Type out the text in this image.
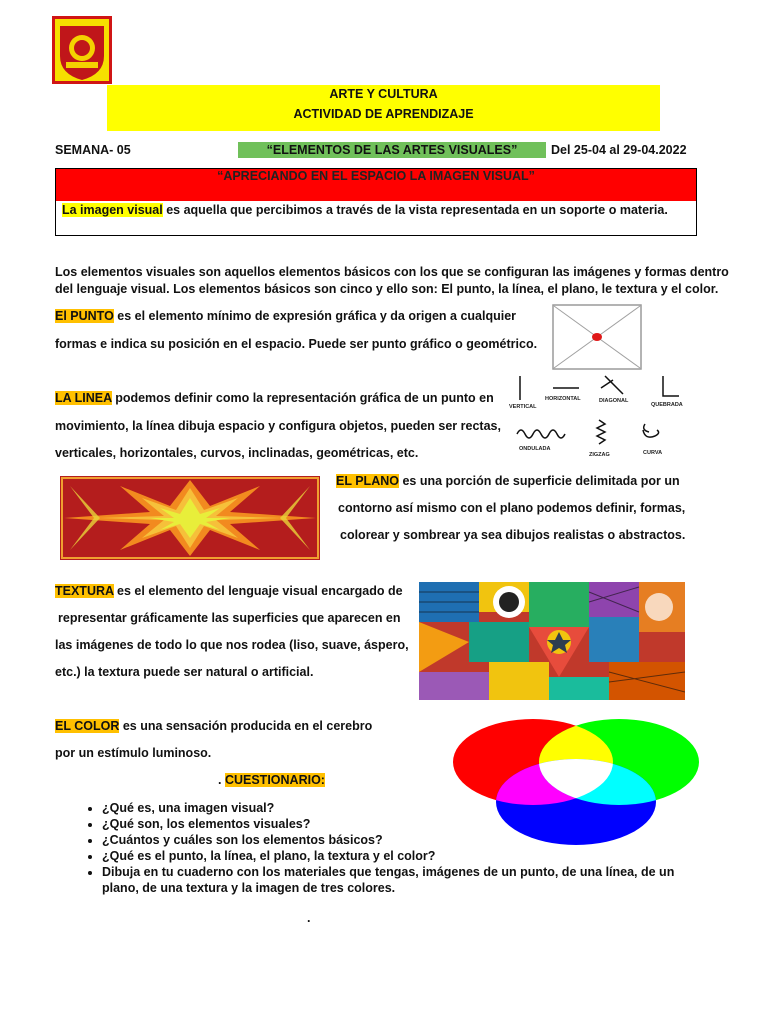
ARTE Y CULTURA
ACTIVIDAD DE APRENDIZAJE
SEMANA- 05	“ELEMENTOS DE LAS ARTES VISUALES”	Del 25-04 al 29-04.2022
“APRECIANDO EN EL ESPACIO LA IMAGEN VISUAL”
La imagen visual es aquella que percibimos a través de la vista representada en un soporte o materia.
Los elementos visuales son aquellos elementos básicos con los que se configuran las imágenes y formas dentro
del lenguaje visual. Los elementos básicos son cinco y ello son: El punto, la línea, el plano, le textura y el color.
El PUNTO es el elemento mínimo de expresión gráfica y da origen a cualquier
formas e indica su posición en el espacio. Puede ser punto gráfico o geométrico.
LA LINEA podemos definir como la representación gráfica de un punto en
movimiento, la línea dibuja espacio y configura objetos, pueden ser rectas,
verticales, horizontales, curvos, inclinadas, geométricas, etc.
VERTICAL
HORIZONTAL	DIAGONAL
QUEBRADA
ONDULADA
ZIGZAG	CURVA
EL PLANO es una porción de superficie delimitada por un
contorno así mismo con el plano podemos definir, formas,
colorear y sombrear ya sea dibujos realistas o abstractos.
TEXTURA es el elemento del lenguaje visual encargado de
representar gráficamente las superficies que aparecen en
las imágenes de todo lo que nos rodea (liso, suave, áspero,
etc.) la textura puede ser natural o artificial.
EL COLOR es una sensación producida en el cerebro
por un estímulo luminoso.
. CUESTIONARIO:
• ¿Qué es, una imagen visual?
• ¿Qué son, los elementos visuales?
• ¿Cuántos y cuáles son los elementos básicos?
• ¿Qué es el punto, la línea, el plano, la textura y el color?
• Dibuja en tu cuaderno con los materiales que tengas, imágenes de un punto, de una línea, de un plano, de una textura y la imagen de tres colores.
.
